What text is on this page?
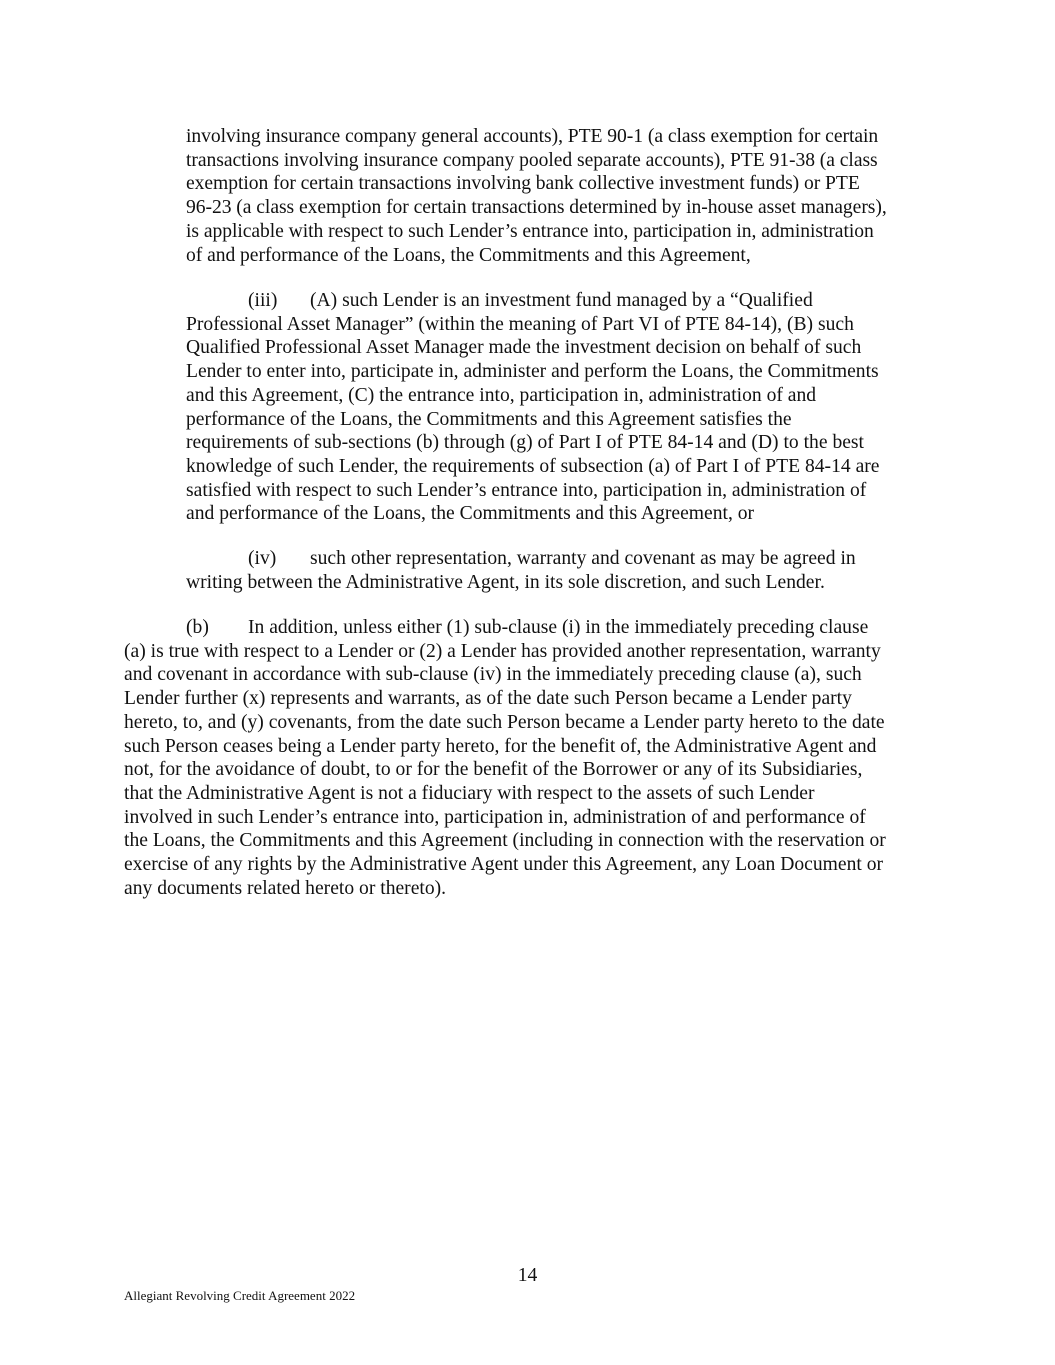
involving insurance company general accounts), PTE 90-1 (a class exemption for certain
transactions involving insurance company pooled separate accounts), PTE 91-38 (a class
exemption for certain transactions involving bank collective investment funds) or PTE
96-23 (a class exemption for certain transactions determined by in-house asset managers),
is applicable with respect to such Lender’s entrance into, participation in, administration
of and performance of the Loans, the Commitments and this Agreement,
(iii) (A) such Lender is an investment fund managed by a “Qualified
Professional Asset Manager” (within the meaning of Part VI of PTE 84-14), (B) such
Qualified Professional Asset Manager made the investment decision on behalf of such
Lender to enter into, participate in, administer and perform the Loans, the Commitments
and this Agreement, (C) the entrance into, participation in, administration of and
performance of the Loans, the Commitments and this Agreement satisfies the
requirements of sub-sections (b) through (g) of Part I of PTE 84-14 and (D) to the best
knowledge of such Lender, the requirements of subsection (a) of Part I of PTE 84-14 are
satisfied with respect to such Lender’s entrance into, participation in, administration of
and performance of the Loans, the Commitments and this Agreement, or
(iv) such other representation, warranty and covenant as may be agreed in
writing between the Administrative Agent, in its sole discretion, and such Lender.
(b) In addition, unless either (1) sub-clause (i) in the immediately preceding clause
(a) is true with respect to a Lender or (2) a Lender has provided another representation, warranty
and covenant in accordance with sub-clause (iv) in the immediately preceding clause (a), such
Lender further (x) represents and warrants, as of the date such Person became a Lender party
hereto, to, and (y) covenants, from the date such Person became a Lender party hereto to the date
such Person ceases being a Lender party hereto, for the benefit of, the Administrative Agent and
not, for the avoidance of doubt, to or for the benefit of the Borrower or any of its Subsidiaries,
that the Administrative Agent is not a fiduciary with respect to the assets of such Lender
involved in such Lender’s entrance into, participation in, administration of and performance of
the Loans, the Commitments and this Agreement (including in connection with the reservation or
exercise of any rights by the Administrative Agent under this Agreement, any Loan Document or
any documents related hereto or thereto).
14
Allegiant Revolving Credit Agreement 2022
